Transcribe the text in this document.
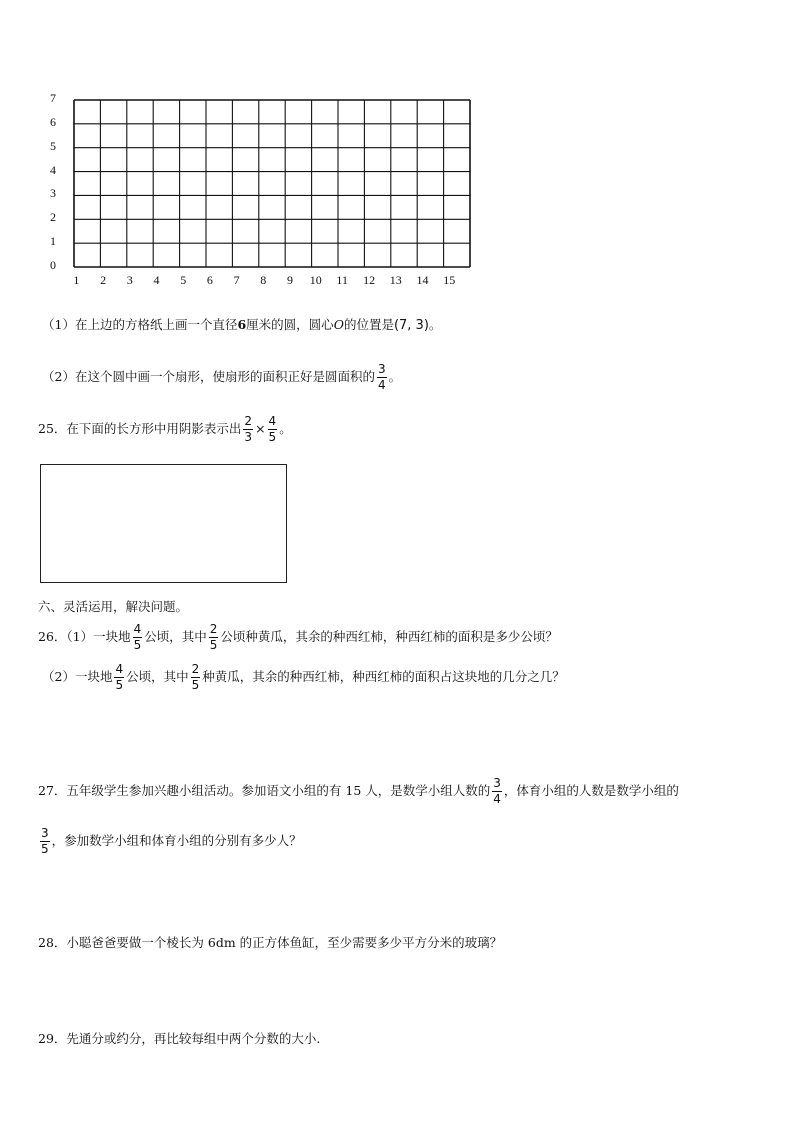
7
6
5
4
3
2
1
0
1 2 3 4 5 6 7 8 9 10 11 12 13 14 15
（1）在上边的方格纸上画一个直径6厘米的圆，圆心O的位置是(7, 3)。
（2）在这个圆中画一个扇形，使扇形的面积正好是圆面积的 $\frac{3}{4}$ 。
25．在下面的长方形中用阴影表示出 $\frac{2}{3} \times \frac{4}{5}$ 。
六、灵活运用，解决问题。
26．（1）一块地 $\frac{4}{5}$ 公顷，其中 $\frac{2}{5}$ 公顷种黄瓜，其余的种西红柿，种西红柿的面积是多少公顷？
（2）一块地 $\frac{4}{5}$ 公顷，其中 $\frac{2}{5}$ 种黄瓜，其余的种西红柿，种西红柿的面积占这块地的几分之几？
27．五年级学生参加兴趣小组活动。参加语文小组的有 15 人，是数学小组人数的 $\frac{3}{4}$ ，体育小组的人数是数学小组的
$\frac{3}{5}$ ，参加数学小组和体育小组的分别有多少人？
28．小聪爸爸要做一个棱长为 6dm 的正方体鱼缸，至少需要多少平方分米的玻璃？
29．先通分或约分，再比较每组中两个分数的大小.
